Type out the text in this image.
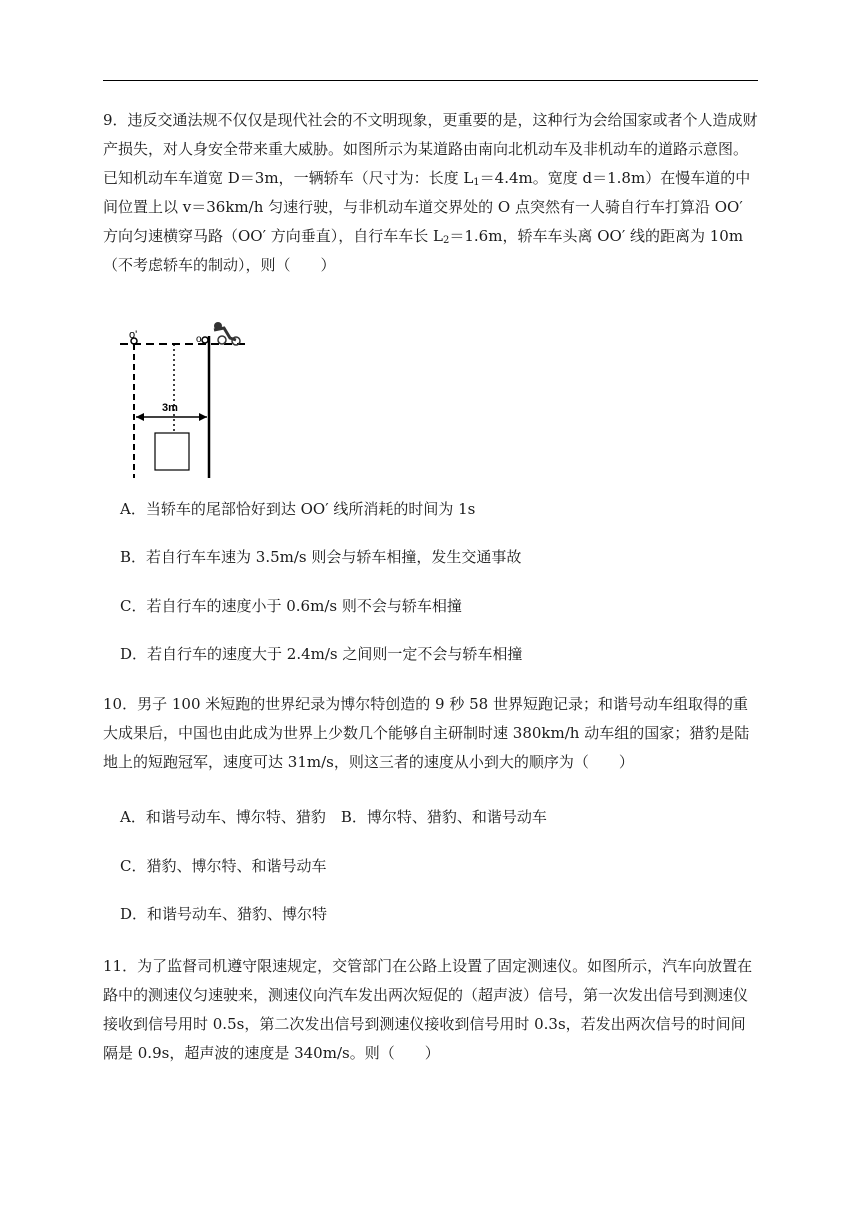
9．违反交通法规不仅仅是现代社会的不文明现象，更重要的是，这种行为会给国家或者个人造成财产损失，对人身安全带来重大威胁。如图所示为某道路由南向北机动车及非机动车的道路示意图。已知机动车车道宽 D＝3m，一辆轿车（尺寸为：长度 $L_1=4.4m$。宽度 d＝1.8m）在慢车道的中间位置上以 v＝36km/h 匀速行驶，与非机动车道交界处的 O 点突然有一人骑自行车打算沿 OO′ 方向匀速横穿马路（OO′ 方向垂直），自行车车长 $L_2=1.6m$，轿车车头离 OO′ 线的距离为 10m（不考虑轿车的制动），则（　　）

o'	o
3m
A．当轿车的尾部恰好到达 OO′ 线所消耗的时间为 1s
B．若自行车车速为 3.5m/s 则会与轿车相撞，发生交通事故
C．若自行车的速度小于 0.6m/s 则不会与轿车相撞
D．若自行车的速度大于 2.4m/s 之间则一定不会与轿车相撞

10．男子 100 米短跑的世界纪录为博尔特创造的 9 秒 58 世界短跑记录；和谐号动车组取得的重大成果后，中国也由此成为世界上少数几个能够自主研制时速 380km/h 动车组的国家；猎豹是陆地上的短跑冠军，速度可达 31m/s，则这三者的速度从小到大的顺序为（　　）

A．和谐号动车、博尔特、猎豹　B．博尔特、猎豹、和谐号动车
C．猎豹、博尔特、和谐号动车
D．和谐号动车、猎豹、博尔特

11．为了监督司机遵守限速规定，交管部门在公路上设置了固定测速仪。如图所示，汽车向放置在路中的测速仪匀速驶来，测速仪向汽车发出两次短促的（超声波）信号，第一次发出信号到测速仪接收到信号用时 0.5s，第二次发出信号到测速仪接收到信号用时 0.3s，若发出两次信号的时间间隔是 0.9s，超声波的速度是 340m/s。则（　　）
